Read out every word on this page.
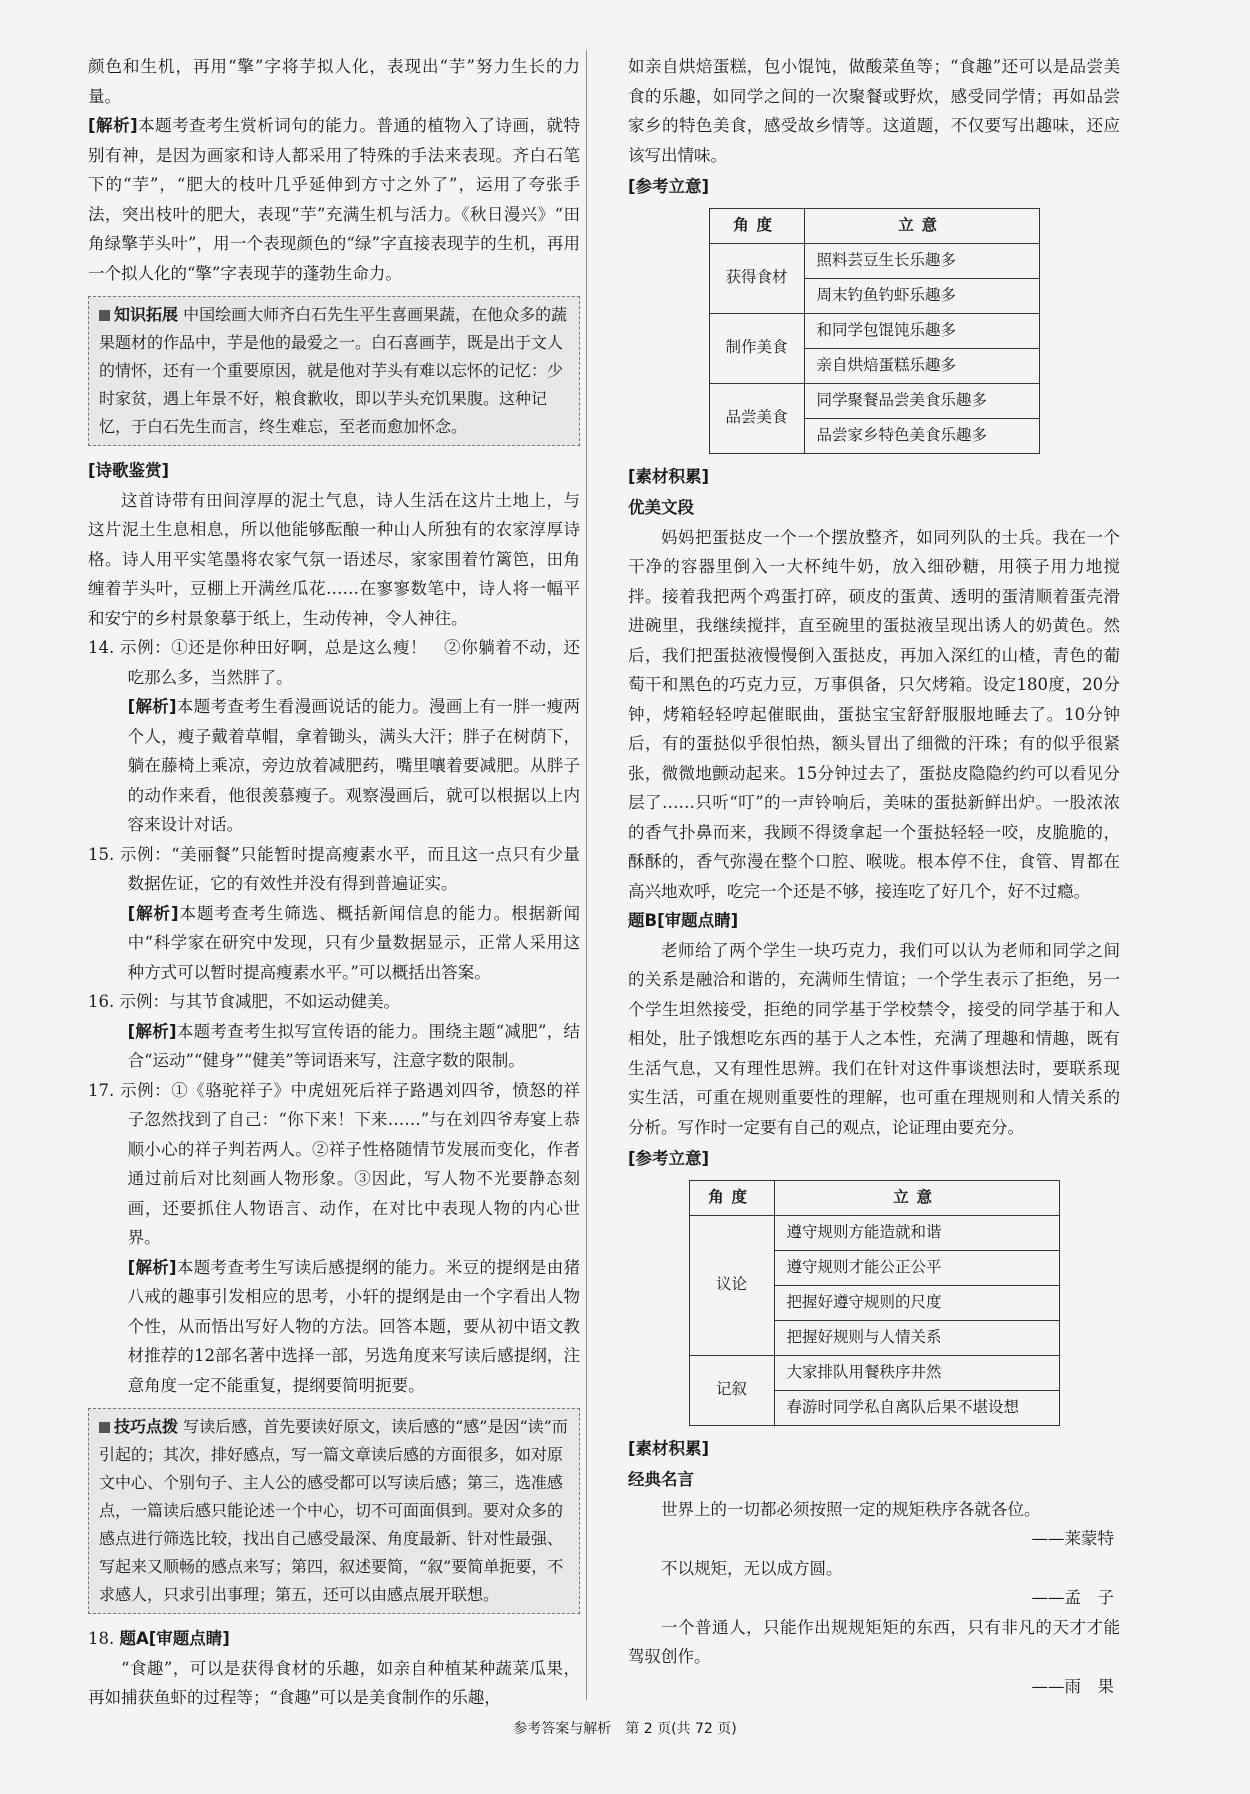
颜色和生机，再用“擎”字将芋拟人化，表现出“芋”努力生长的力量。

[解析]本题考查考生赏析词句的能力。普通的植物入了诗画，就特别有神，是因为画家和诗人都采用了特殊的手法来表现。齐白石笔下的“芋”，“肥大的枝叶几乎延伸到方寸之外了”，运用了夸张手法，突出枝叶的肥大，表现“芋”充满生机与活力。《秋日漫兴》“田角绿擎芋头叶”，用一个表现颜色的“绿”字直接表现芋的生机，再用一个拟人化的“擎”字表现芋的蓬勃生命力。

知识拓展 中国绘画大师齐白石先生平生喜画果蔬，在他众多的蔬果题材的作品中，芋是他的最爱之一。白石喜画芋，既是出于文人的情怀，还有一个重要原因，就是他对芋头有难以忘怀的记忆：少时家贫，遇上年景不好，粮食歉收，即以芋头充饥果腹。这种记忆，于白石先生而言，终生难忘，至老而愈加怀念。

[诗歌鉴赏]

这首诗带有田间淳厚的泥土气息，诗人生活在这片土地上，与这片泥土生息相息，所以他能够酝酿一种山人所独有的农家淳厚诗格。诗人用平实笔墨将农家气氛一语述尽，家家围着竹篱笆，田角缠着芋头叶，豆棚上开满丝瓜花……在寥寥数笔中，诗人将一幅平和安宁的乡村景象摹于纸上，生动传神，令人神往。

14. 示例：①还是你种田好啊，总是这么瘦！　②你躺着不动，还吃那么多，当然胖了。

[解析]本题考查考生看漫画说话的能力。漫画上有一胖一瘦两个人，瘦子戴着草帽，拿着锄头，满头大汗；胖子在树荫下，躺在藤椅上乘凉，旁边放着减肥药，嘴里嚷着要减肥。从胖子的动作来看，他很羡慕瘦子。观察漫画后，就可以根据以上内容来设计对话。

15. 示例：“美丽餐”只能暂时提高瘦素水平，而且这一点只有少量数据佐证，它的有效性并没有得到普遍证实。

[解析]本题考查考生筛选、概括新闻信息的能力。根据新闻中“科学家在研究中发现，只有少量数据显示，正常人采用这种方式可以暂时提高瘦素水平。”可以概括出答案。

16. 示例：与其节食减肥，不如运动健美。

[解析]本题考查考生拟写宣传语的能力。围绕主题“减肥”，结合“运动”“健身”“健美”等词语来写，注意字数的限制。

17. 示例：①《骆驼祥子》中虎妞死后祥子路遇刘四爷，愤怒的祥子忽然找到了自己：“你下来！下来……”与在刘四爷寿宴上恭顺小心的祥子判若两人。②祥子性格随情节发展而变化，作者通过前后对比刻画人物形象。③因此，写人物不光要静态刻画，还要抓住人物语言、动作，在对比中表现人物的内心世界。

[解析]本题考查考生写读后感提纲的能力。米豆的提纲是由猪八戒的趣事引发相应的思考，小轩的提纲是由一个字看出人物个性，从而悟出写好人物的方法。回答本题，要从初中语文教材推荐的12部名著中选择一部，另选角度来写读后感提纲，注意角度一定不能重复，提纲要简明扼要。

技巧点拨 写读后感，首先要读好原文，读后感的“感”是因“读”而引起的；其次，排好感点，写一篇文章读后感的方面很多，如对原文中心、个别句子、主人公的感受都可以写读后感；第三，选准感点，一篇读后感只能论述一个中心，切不可面面俱到。要对众多的感点进行筛选比较，找出自己感受最深、角度最新、针对性最强、写起来又顺畅的感点来写；第四，叙述要简，“叙”要简单扼要，不求感人，只求引出事理；第五，还可以由感点展开联想。

18. 题A[审题点睛]

“食趣”，可以是获得食材的乐趣，如亲自种植某种蔬菜瓜果，再如捕获鱼虾的过程等；“食趣”可以是美食制作的乐趣，

如亲自烘焙蛋糕，包小馄饨，做酸菜鱼等；“食趣”还可以是品尝美食的乐趣，如同学之间的一次聚餐或野炊，感受同学情；再如品尝家乡的特色美食，感受故乡情等。这道题，不仅要写出趣味，还应该写出情味。

[参考立意]

角度	立意
获得食材	照料芸豆生长乐趣多
	周末钓鱼钓虾乐趣多
制作美食	和同学包馄饨乐趣多
	亲自烘焙蛋糕乐趣多
品尝美食	同学聚餐品尝美食乐趣多
	品尝家乡特色美食乐趣多

[素材积累]

优美文段

妈妈把蛋挞皮一个一个摆放整齐，如同列队的士兵。我在一个干净的容器里倒入一大杯纯牛奶，放入细砂糖，用筷子用力地搅拌。接着我把两个鸡蛋打碎，硕皮的蛋黄、透明的蛋清顺着蛋壳滑进碗里，我继续搅拌，直至碗里的蛋挞液呈现出诱人的奶黄色。然后，我们把蛋挞液慢慢倒入蛋挞皮，再加入深红的山楂，青色的葡萄干和黑色的巧克力豆，万事俱备，只欠烤箱。设定180度，20分钟，烤箱轻轻哼起催眠曲，蛋挞宝宝舒舒服服地睡去了。10分钟后，有的蛋挞似乎很怕热，额头冒出了细微的汗珠；有的似乎很紧张，微微地颤动起来。15分钟过去了，蛋挞皮隐隐约约可以看见分层了……只听“叮”的一声铃响后，美味的蛋挞新鲜出炉。一股浓浓的香气扑鼻而来，我顾不得烫拿起一个蛋挞轻轻一咬，皮脆脆的，酥酥的，香气弥漫在整个口腔、喉咙。根本停不住，食管、胃都在高兴地欢呼，吃完一个还是不够，接连吃了好几个，好不过瘾。

题B[审题点睛]

老师给了两个学生一块巧克力，我们可以认为老师和同学之间的关系是融洽和谐的，充满师生情谊；一个学生表示了拒绝，另一个学生坦然接受，拒绝的同学基于学校禁令，接受的同学基于和人相处，肚子饿想吃东西的基于人之本性，充满了理趣和情趣，既有生活气息，又有理性思辨。我们在针对这件事谈想法时，要联系现实生活，可重在规则重要性的理解，也可重在理规则和人情关系的分析。写作时一定要有自己的观点，论证理由要充分。

[参考立意]

角度	立意
议论	遵守规则方能造就和谐
	遵守规则才能公正公平
	把握好遵守规则的尺度
	把握好规则与人情关系
记叙	大家排队用餐秩序井然
	春游时同学私自离队后果不堪设想

[素材积累]

经典名言

世界上的一切都必须按照一定的规矩秩序各就各位。

——莱蒙特

不以规矩，无以成方圆。

——孟　子

一个普通人，只能作出规规矩矩的东西，只有非凡的天才才能驾驭创作。

——雨　果

参考答案与解析　第 2 页(共 72 页)
